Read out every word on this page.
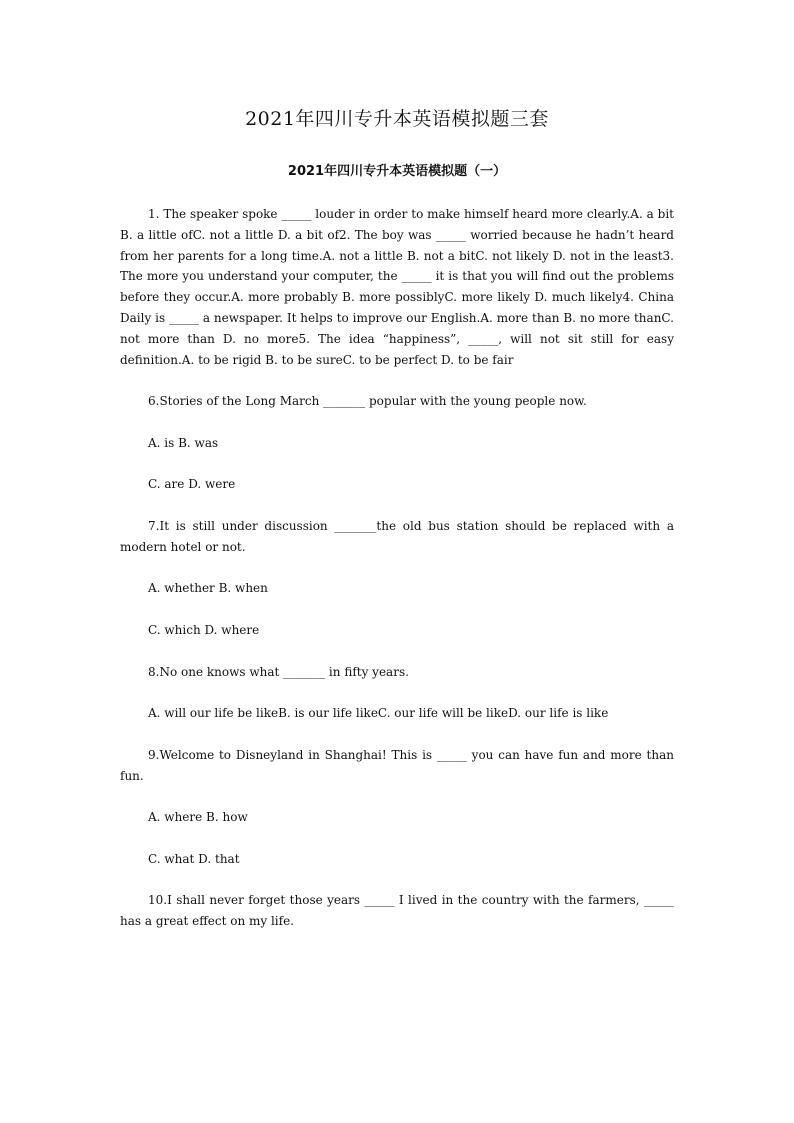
2021年四川专升本英语模拟题三套
2021年四川专升本英语模拟题（一）

1. The speaker spoke _____ louder in order to make himself heard more clearly.A. a bit B. a little ofC. not a little D. a bit of2. The boy was _____ worried because he hadn’t heard from her parents for a long time.A. not a little B. not a bitC. not likely D. not in the least3. The more you understand your computer, the _____ it is that you will find out the problems before they occur.A. more probably B. more possiblyC. more likely D. much likely4. China Daily is _____ a newspaper. It helps to improve our English.A. more than B. no more thanC. not more than D. no more5. The idea “happiness”, _____, will not sit still for easy definition.A. to be rigid B. to be sureC. to be perfect D. to be fair

6.Stories of the Long March _______ popular with the young people now.

A. is B. was

C. are D. were

7.It is still under discussion _______the old bus station should be replaced with a modern hotel or not.

A. whether B. when

C. which D. where

8.No one knows what _______ in fifty years.

A. will our life be likeB. is our life likeC. our life will be likeD. our life is like

9.Welcome to Disneyland in Shanghai! This is _____ you can have fun and more than fun.

A. where B. how

C. what D. that

10.I shall never forget those years _____ I lived in the country with the farmers, _____ has a great effect on my life.
